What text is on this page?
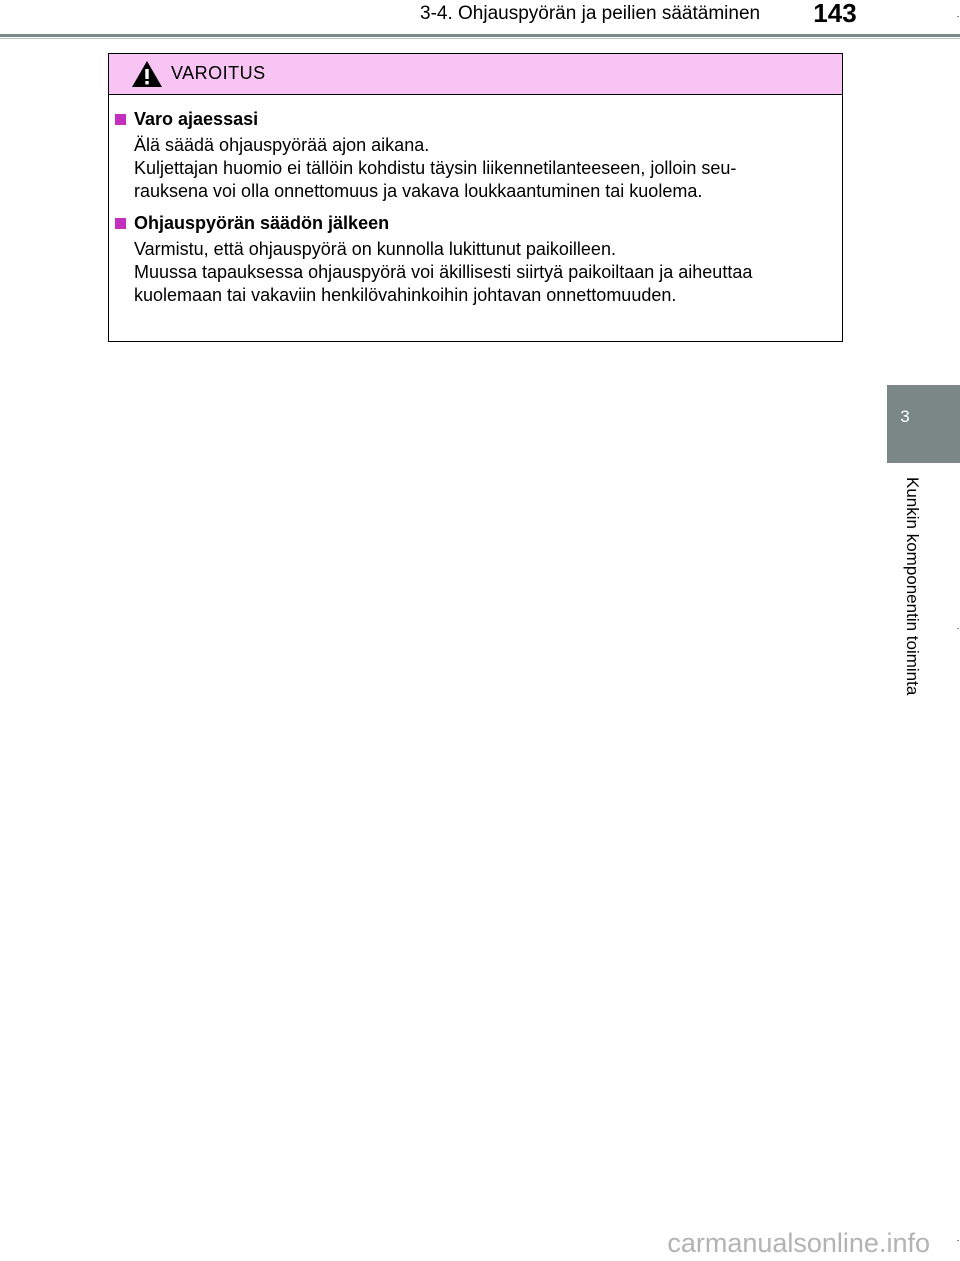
3-4. Ohjauspyörän ja peilien säätäminen	143
3
Kunkin komponentin toiminta
VAROITUS
Varo ajaessasi

Älä säädä ohjauspyörää ajon aikana.

Kuljettajan huomio ei tällöin kohdistu täysin liikennetilanteeseen, jolloin seu-

rauksena voi olla onnettomuus ja vakava loukkaantuminen tai kuolema.

Ohjauspyörän säädön jälkeen

Varmistu, että ohjauspyörä on kunnolla lukittunut paikoilleen.

Muussa tapauksessa ohjauspyörä voi äkillisesti siirtyä paikoiltaan ja aiheuttaa

kuolemaan tai vakaviin henkilövahinkoihin johtavan onnettomuuden.

carmanualsonline.info
